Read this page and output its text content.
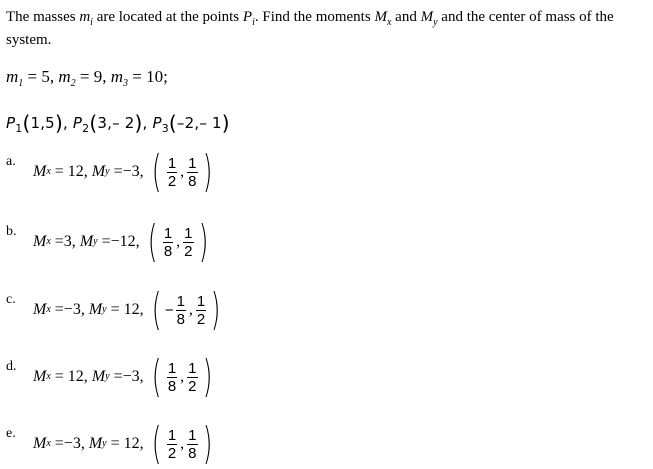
The masses $m_i$ are located at the points $P_i$. Find the moments $M_x$ and $M_y$ and the center of mass of the
system.
$m_1 = 5$, $m_2 = 9$, $m_3 = 10$;
$P_1(1,5)$, $P_2(3,-$ 2), $P_3(-2,-$ 1)
a.
M x = 12, M y =−3, ( $\frac{1}{2}$ , $\frac{1}{8}$ )
b.
M x =3, M y =−12, ( $\frac{1}{8}$ , $\frac{1}{2}$ )
c.
M x =−3, M y = 12, ( − $\frac{1}{8}$ , $\frac{1}{2}$ )
d.
M x = 12, M y =−3, ( $\frac{1}{8}$ , $\frac{1}{2}$ )
e.
M x =−3, M y = 12, ( $\frac{1}{2}$ , $\frac{1}{8}$ )
